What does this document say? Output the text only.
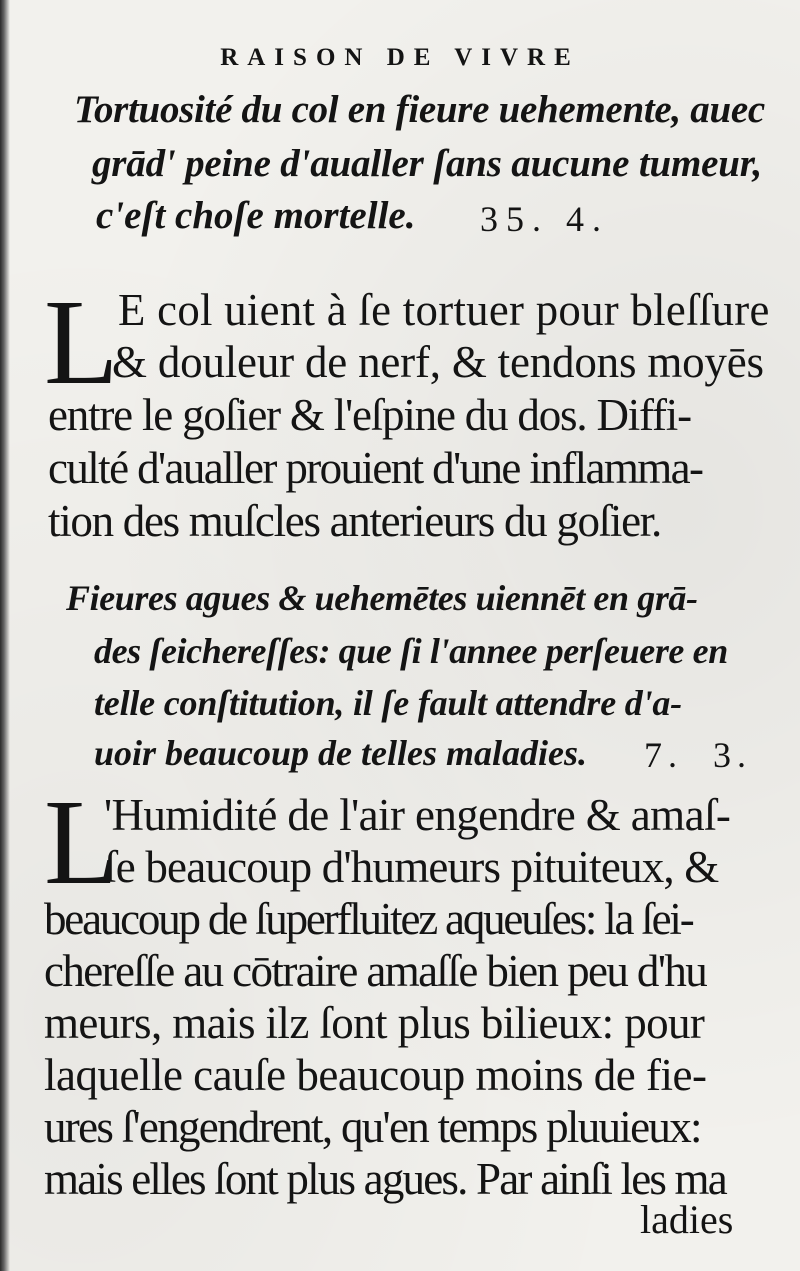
RAISON DE VIVRE
Tortuosité du col en fieure uehemente, auec
grād' peine d'aualler ſans aucune tumeur,
c'eſt choſe mortelle. 35. 4.
L E col uient à ſe tortuer pour bleſſure
& douleur de nerf, & tendons moyēs
entre le goſier & l'eſpine du dos. Diffi-
culté d'aualler prouient d'une inflamma-
tion des muſcles anterieurs du goſier.
Fieures agues & uehemētes uiennēt en grā-
des ſeichereſſes: que ſi l'annee perſeuere en
telle conſtitution, il ſe fault attendre d'a-
uoir beaucoup de telles maladies. 7.  3.
L
'Humidité de l'air engendre & amaſ-
ſe beaucoup d'humeurs pituiteux, &
beaucoup de ſuperfluitez aqueuſes: la ſei-
chereſſe au cōtraire amaſſe bien peu d'hu
meurs, mais ilz ſont plus bilieux: pour
laquelle cauſe beaucoup moins de fie-
ures ſ'engendrent, qu'en temps pluuieux:
mais elles ſont plus agues. Par ainſi les ma
ladies
